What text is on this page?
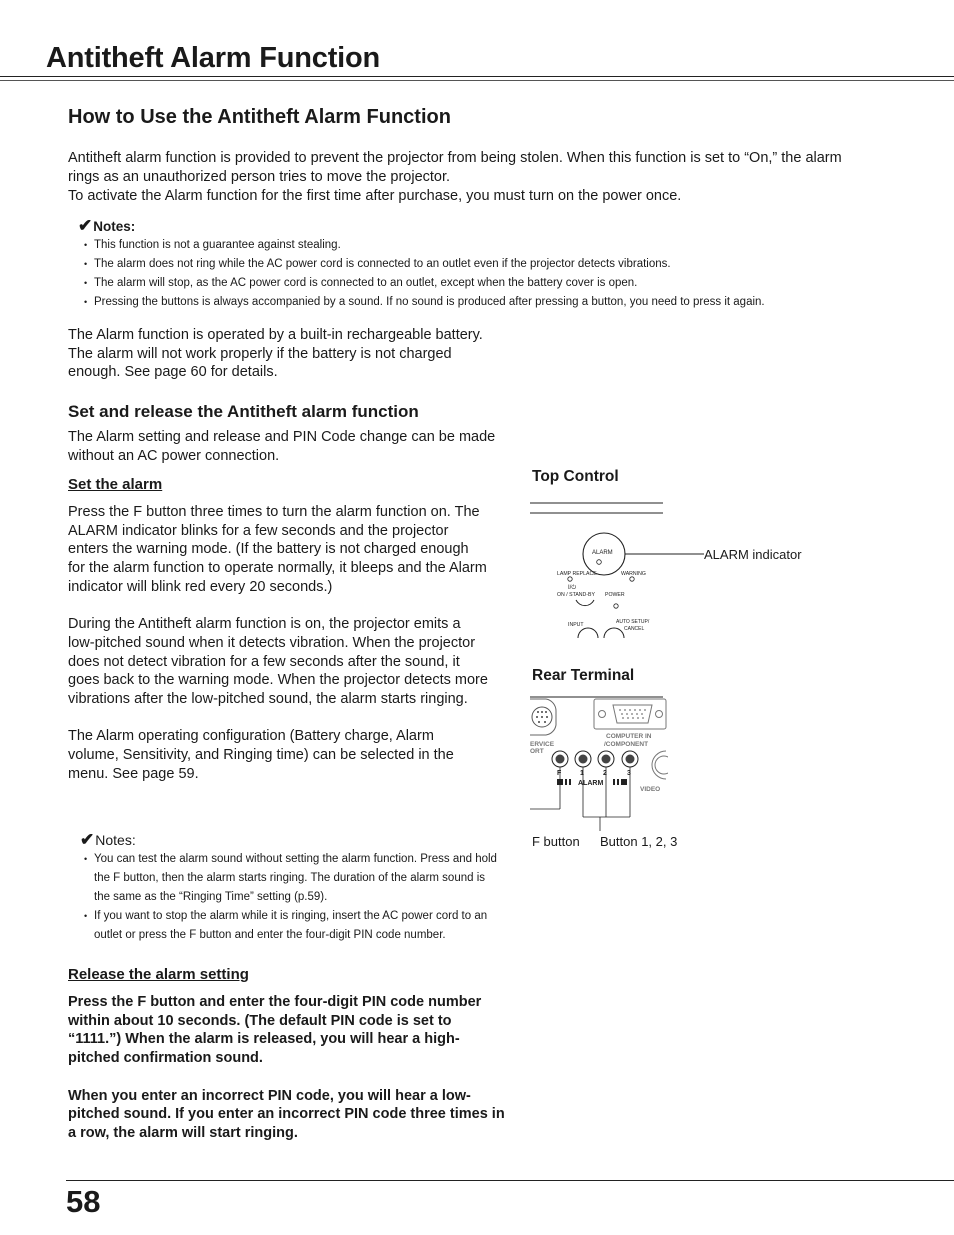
Antitheft Alarm Function
How to Use the Antitheft Alarm Function

Antitheft alarm function is provided to prevent the projector from being stolen. When this function is set to “On,” the alarm rings as an unauthorized person tries to move the projector.

To activate the Alarm function for the first time after purchase, you must turn on the power once.

✔Notes:
• This function is not a guarantee against stealing.
• The alarm does not ring while the AC power cord is connected to an outlet even if the projector detects vibrations.
• The alarm will stop, as the AC power cord is connected to an outlet, except when the battery cover is open.
• Pressing the buttons is always accompanied by a sound. If no sound is produced after pressing a button, you need to press it again.

The Alarm function is operated by a built-in rechargeable battery. The alarm will not work properly if the battery is not charged enough. See page 60 for details.

Set and release the Antitheft alarm function

The Alarm setting and release and PIN Code change can be made without an AC power connection.

Set the alarm

Press the F button three times to turn the alarm function on. The ALARM indicator blinks for a few seconds and the projector enters the warning mode. (If the battery is not charged enough for the alarm function to operate normally, it bleeps and the Alarm indicator will blink red every 20 seconds.)

During the Antitheft alarm function is on, the projector emits a low-pitched sound when it detects vibration. When the projector does not detect vibration for a few seconds after the sound, it goes back to the warning mode. When the projector detects more vibrations after the low-pitched sound, the alarm starts ringing.

The Alarm operating configuration (Battery charge, Alarm volume, Sensitivity, and Ringing time) can be selected in the menu. See page 59.

✔Notes:
• You can test the alarm sound without setting the alarm function. Press and hold the F button, then the alarm starts ringing. The duration of the alarm sound is the same as the “Ringing Time” setting (p.59).
• If you want to stop the alarm while it is ringing, insert the AC power cord to an outlet or press the F button and enter the four-digit PIN code number.
Release the alarm setting

Press the F button and enter the four-digit PIN code number within about 10 seconds. (The default PIN code is set to “1111.”) When the alarm is released, you will hear a high-pitched confirmation sound.

When you enter an incorrect PIN code, you will hear a low-pitched sound. If you enter an incorrect PIN code three times in a row, the alarm will start ringing.

Top Control

ALARM
LAMP REPLACE	WARNING
I/⏻
ON / STAND-BY POWER
INPUT	AUTO SETUP/
CANCEL

ALARM indicator

Rear Terminal

ERVICE
ORT
COMPUTER IN
/COMPONENT
F	1	2	3
ALARM
VIDEO

F button Button 1, 2, 3

58
